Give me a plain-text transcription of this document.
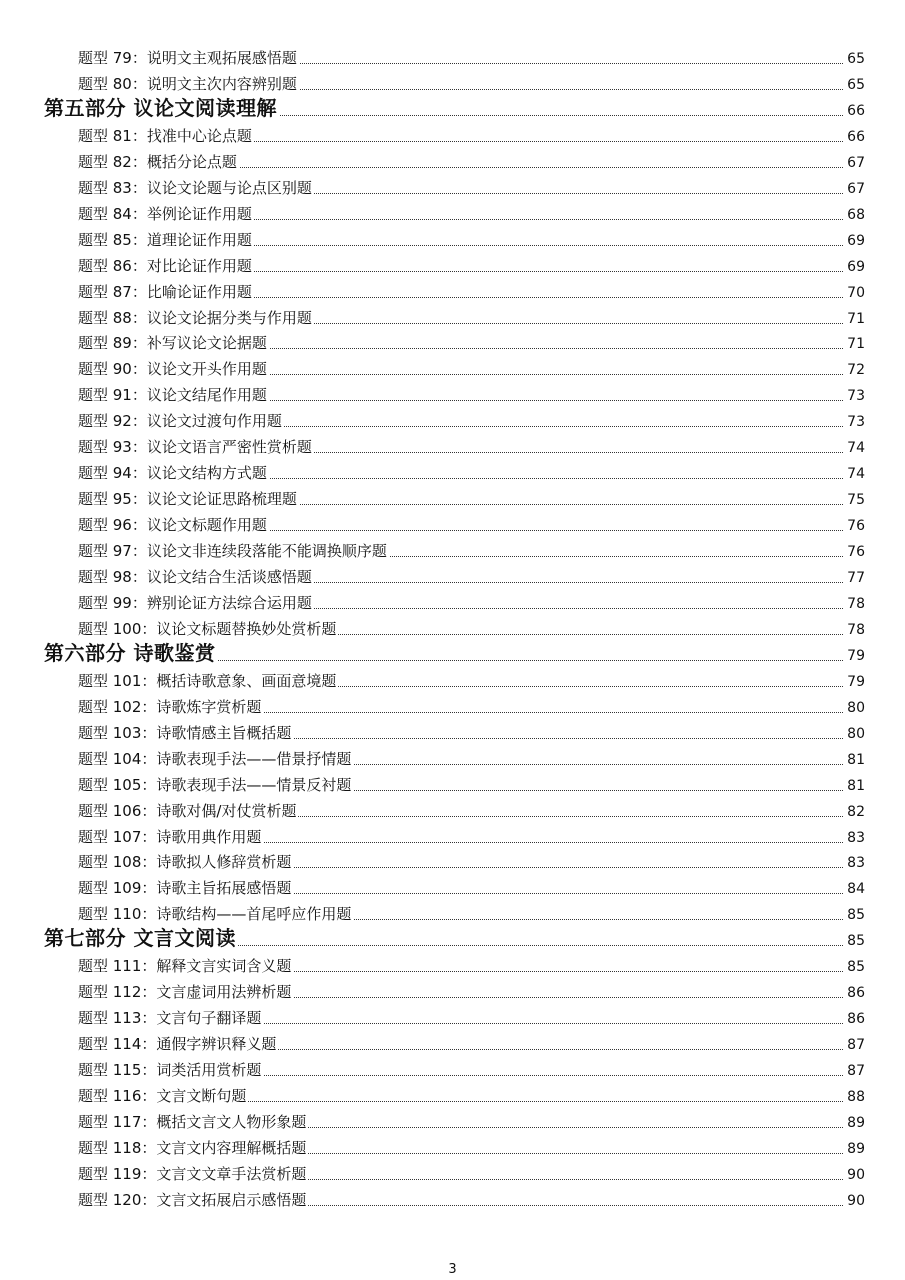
题型 79：说明文主观拓展感悟题	65
题型 80：说明文主次内容辨别题	65
第五部分 议论文阅读理解	66
题型 81：找准中心论点题	66
题型 82：概括分论点题	67
题型 83：议论文论题与论点区别题	67
题型 84：举例论证作用题	68
题型 85：道理论证作用题	69
题型 86：对比论证作用题	69
题型 87：比喻论证作用题	70
题型 88：议论文论据分类与作用题	71
题型 89：补写议论文论据题	71
题型 90：议论文开头作用题	72
题型 91：议论文结尾作用题	73
题型 92：议论文过渡句作用题	73
题型 93：议论文语言严密性赏析题	74
题型 94：议论文结构方式题	74
题型 95：议论文论证思路梳理题	75
题型 96：议论文标题作用题	76
题型 97：议论文非连续段落能不能调换顺序题	76
题型 98：议论文结合生活谈感悟题	77
题型 99：辨别论证方法综合运用题	78
题型 100：议论文标题替换妙处赏析题	78
第六部分 诗歌鉴赏	79
题型 101：概括诗歌意象、画面意境题	79
题型 102：诗歌炼字赏析题	80
题型 103：诗歌情感主旨概括题	80
题型 104：诗歌表现手法——借景抒情题	81
题型 105：诗歌表现手法——情景反衬题	81
题型 106：诗歌对偶/对仗赏析题	82
题型 107：诗歌用典作用题	83
题型 108：诗歌拟人修辞赏析题	83
题型 109：诗歌主旨拓展感悟题	84
题型 110：诗歌结构——首尾呼应作用题	85
第七部分 文言文阅读	85
题型 111：解释文言实词含义题	85
题型 112：文言虚词用法辨析题	86
题型 113：文言句子翻译题	86
题型 114：通假字辨识释义题	87
题型 115：词类活用赏析题	87
题型 116：文言文断句题	88
题型 117：概括文言文人物形象题	89
题型 118：文言文内容理解概括题	89
题型 119：文言文文章手法赏析题	90
题型 120：文言文拓展启示感悟题	90
3
